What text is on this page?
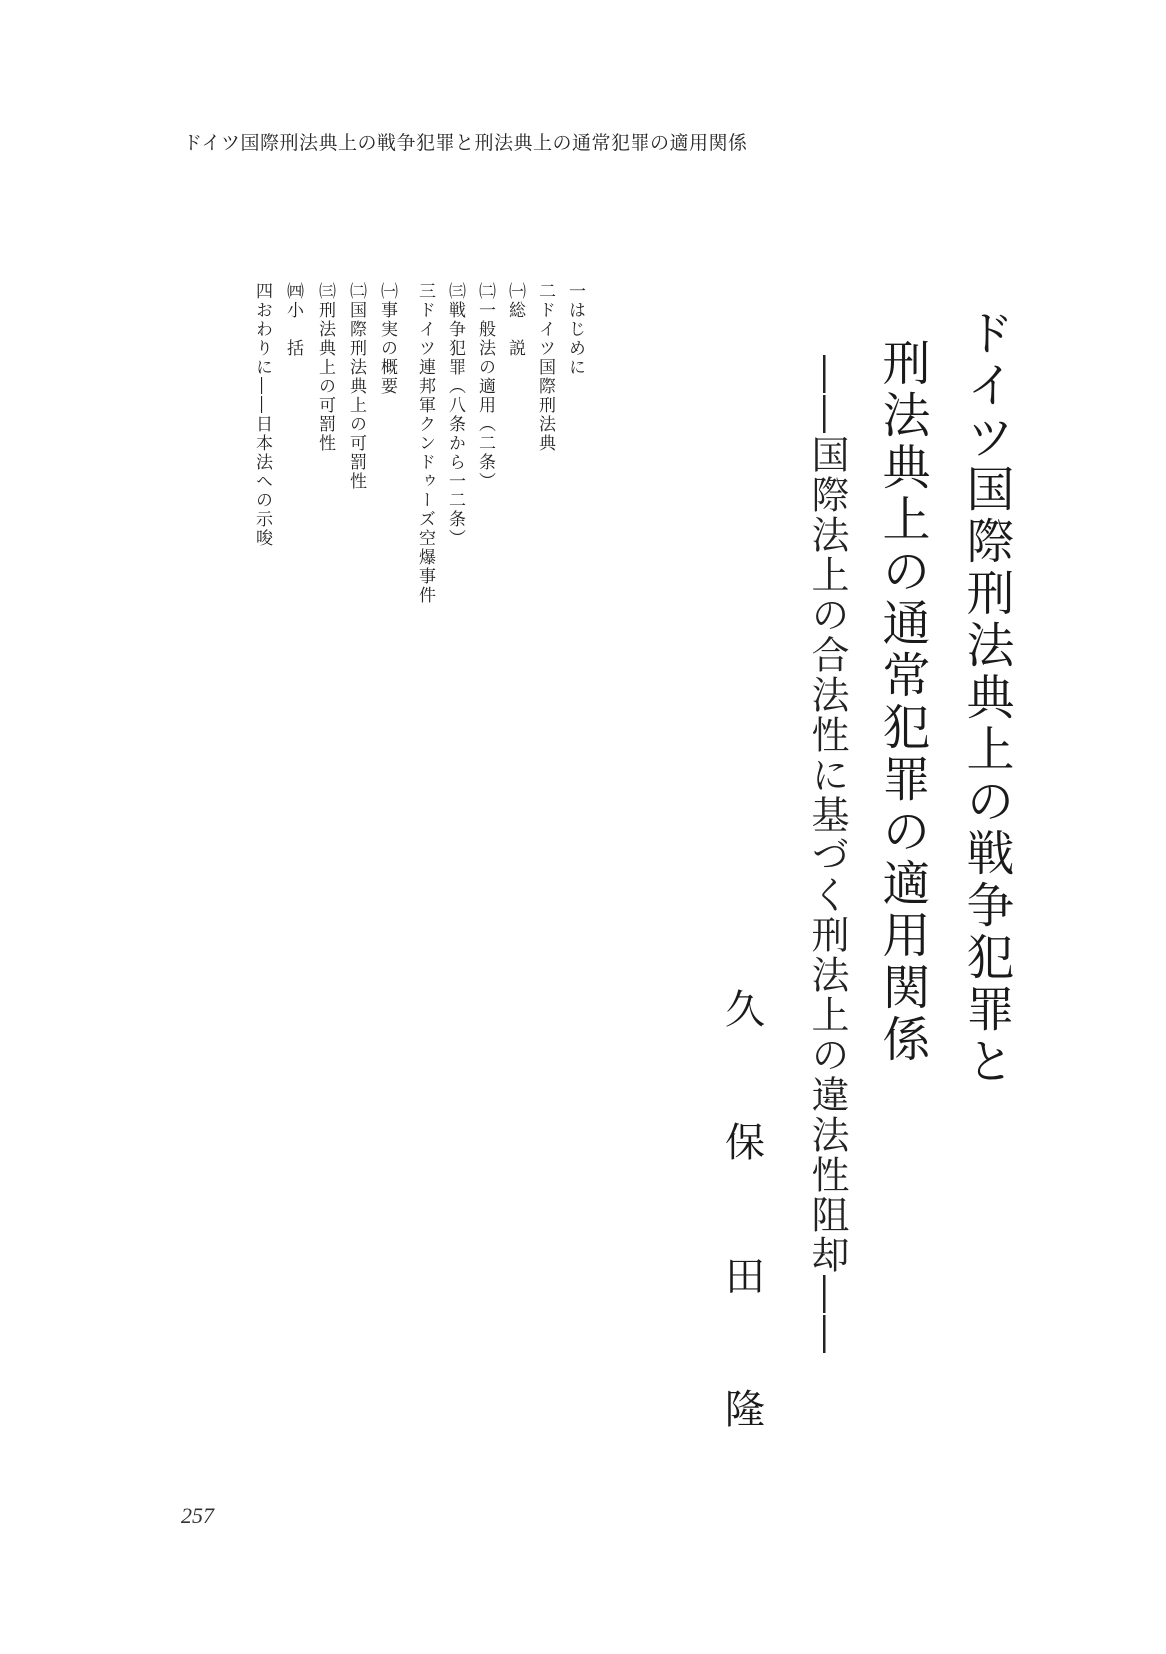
ドイツ国際刑法典上の戦争犯罪と刑法典上の通常犯罪の適用関係
ドイツ国際刑法典上の戦争犯罪と
刑法典上の通常犯罪の適用関係
――国際法上の合法性に基づく刑法上の違法性阻却――
久
保
田
隆
一はじめに
二ドイツ国際刑法典
㈠総　説
㈡一般法の適用（二条）
㈢戦争犯罪（八条から一二条）
三ドイツ連邦軍クンドゥーズ空爆事件
㈠事実の概要
㈡国際刑法典上の可罰性
㈢刑法典上の可罰性
㈣小　括
四おわりに――日本法への示唆
257
